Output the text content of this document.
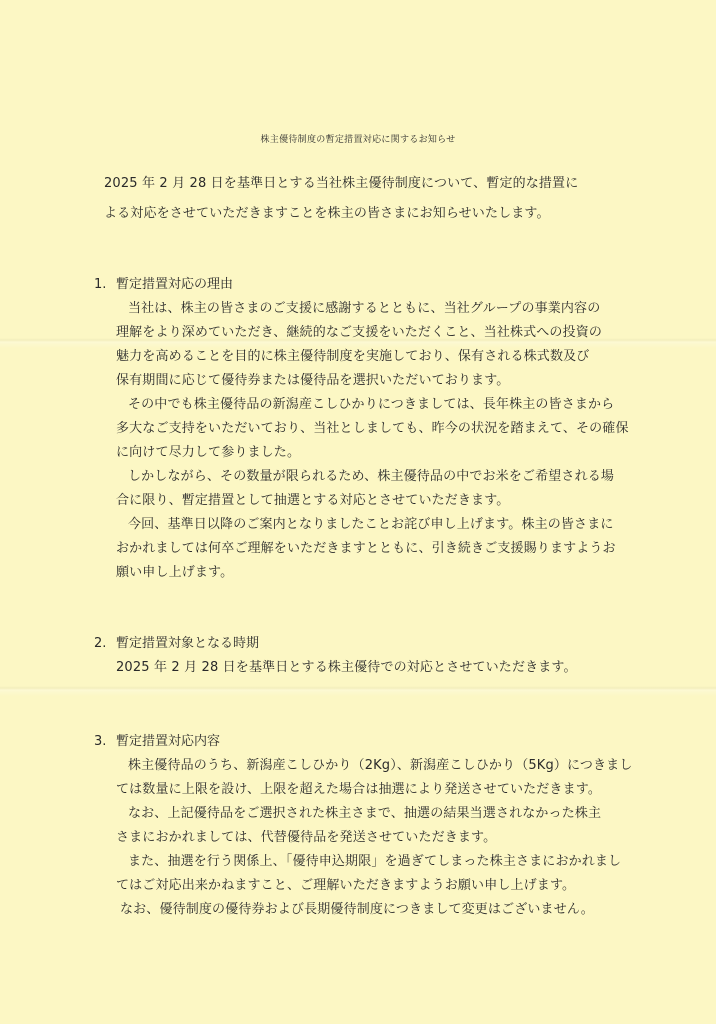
株主優待制度の暫定措置対応に関するお知らせ
2025 年 2 月 28 日を基準日とする当社株主優待制度について、暫定的な措置に
よる対応をさせていただきますことを株主の皆さまにお知らせいたします。
1. 暫定措置対応の理由
当社は、株主の皆さまのご支援に感謝するとともに、当社グループの事業内容の
理解をより深めていただき、継続的なご支援をいただくこと、当社株式への投資の
魅力を高めることを目的に株主優待制度を実施しており、保有される株式数及び
保有期間に応じて優待券または優待品を選択いただいております。
その中でも株主優待品の新潟産こしひかりにつきましては、長年株主の皆さまから
多大なご支持をいただいており、当社としましても、昨今の状況を踏まえて、その確保
に向けて尽力して参りました。
しかしながら、その数量が限られるため、株主優待品の中でお米をご希望される場
合に限り、暫定措置として抽選とする対応とさせていただきます。
今回、基準日以降のご案内となりましたことお詫び申し上げます。株主の皆さまに
おかれましては何卒ご理解をいただきますとともに、引き続きご支援賜りますようお
願い申し上げます。
2. 暫定措置対象となる時期
2025 年 2 月 28 日を基準日とする株主優待での対応とさせていただきます。
3. 暫定措置対応内容
株主優待品のうち、新潟産こしひかり（2Kg）、新潟産こしひかり（5Kg）につきまし
ては数量に上限を設け、上限を超えた場合は抽選により発送させていただきます。
なお、上記優待品をご選択された株主さまで、抽選の結果当選されなかった株主
さまにおかれましては、代替優待品を発送させていただきます。
また、抽選を行う関係上、「優待申込期限」を過ぎてしまった株主さまにおかれまし
てはご対応出来かねますこと、ご理解いただきますようお願い申し上げます。
なお、優待制度の優待券および長期優待制度につきまして変更はございません。
